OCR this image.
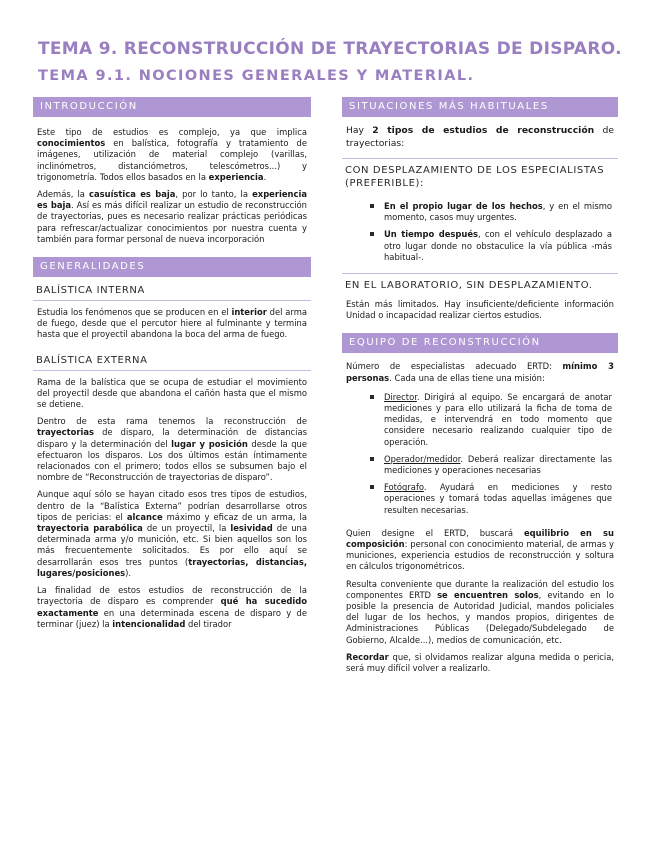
TEMA 9. RECONSTRUCCIÓN DE TRAYECTORIAS DE DISPARO.
TEMA 9.1. NOCIONES GENERALES Y MATERIAL.
INTRODUCCIÓN

Este tipo de estudios es complejo, ya que implica conocimientos en balística, fotografía y tratamiento de imágenes, utilización de material complejo (varillas, inclinómetros, distanciómetros, telescómetros...) y trigonometría. Todos ellos basados en la experiencia.

Además, la casuística es baja, por lo tanto, la experiencia es baja. Así es más difícil realizar un estudio de reconstrucción de trayectorias, pues es necesario realizar prácticas periódicas para refrescar/actualizar conocimientos por nuestra cuenta y también para formar personal de nueva incorporación

GENERALIDADES
BALÍSTICA INTERNA

Estudia los fenómenos que se producen en el interior del arma de fuego, desde que el percutor hiere al fulminante y termina hasta que el proyectil abandona la boca del arma de fuego.

BALÍSTICA EXTERNA

Rama de la balística que se ocupa de estudiar el movimiento del proyectil desde que abandona el cañón hasta que el mismo se detiene.

Dentro de esta rama tenemos la reconstrucción de trayectorias de disparo, la determinación de distancias disparo y la determinación del lugar y posición desde la que efectuaron los disparos. Los dos últimos están íntimamente relacionados con el primero; todos ellos se subsumen bajo el nombre de “Reconstrucción de trayectorias de disparo”.

Aunque aquí sólo se hayan citado esos tres tipos de estudios, dentro de la “Balística Externa” podrían desarrollarse otros tipos de pericias: el alcance máximo y eficaz de un arma, la trayectoria parabólica de un proyectil, la lesividad de una determinada arma y/o munición, etc. Si bien aquellos son los más frecuentemente solicitados. Es por ello aquí se desarrollarán esos tres puntos (trayectorias, distancias, lugares/posiciones).

La finalidad de estos estudios de reconstrucción de la trayectoria de disparo es comprender qué ha sucedido exactamente en una determinada escena de disparo y de terminar (juez) la intencionalidad del tirador

SITUACIONES MÁS HABITUALES

Hay 2 tipos de estudios de reconstrucción de trayectorias:

CON DESPLAZAMIENTO DE LOS ESPECIALISTAS (PREFERIBLE):
En el propio lugar de los hechos, y en el mismo momento, casos muy urgentes.
Un tiempo después, con el vehículo desplazado a otro lugar donde no obstaculice la vía pública -más habitual-.
EN EL LABORATORIO, SIN DESPLAZAMIENTO.

Están más limitados. Hay insuficiente/deficiente información Unidad o incapacidad realizar ciertos estudios.

EQUIPO DE RECONSTRUCCIÓN

Número de especialistas adecuado ERTD: mínimo 3 personas. Cada una de ellas tiene una misión:

Director. Dirigirá al equipo. Se encargará de anotar mediciones y para ello utilizará la ficha de toma de medidas, e intervendrá en todo momento que considere necesario realizando cualquier tipo de operación.
Operador/medidor. Deberá realizar directamente las mediciones y operaciones necesarias
Fotógrafo. Ayudará en mediciones y resto operaciones y tomará todas aquellas imágenes que resulten necesarias.

Quien designe el ERTD, buscará equilibrio en su composición: personal con conocimiento material, de armas y municiones, experiencia estudios de reconstrucción y soltura en cálculos trigonométricos.

Resulta conveniente que durante la realización del estudio los componentes ERTD se encuentren solos, evitando en lo posible la presencia de Autoridad Judicial, mandos policiales del lugar de los hechos, y mandos propios, dirigentes de Administraciones Públicas (Delegado/Subdelegado de Gobierno, Alcalde...), medios de comunicación, etc.

Recordar que, si olvidamos realizar alguna medida o pericia, será muy difícil volver a realizarlo.
